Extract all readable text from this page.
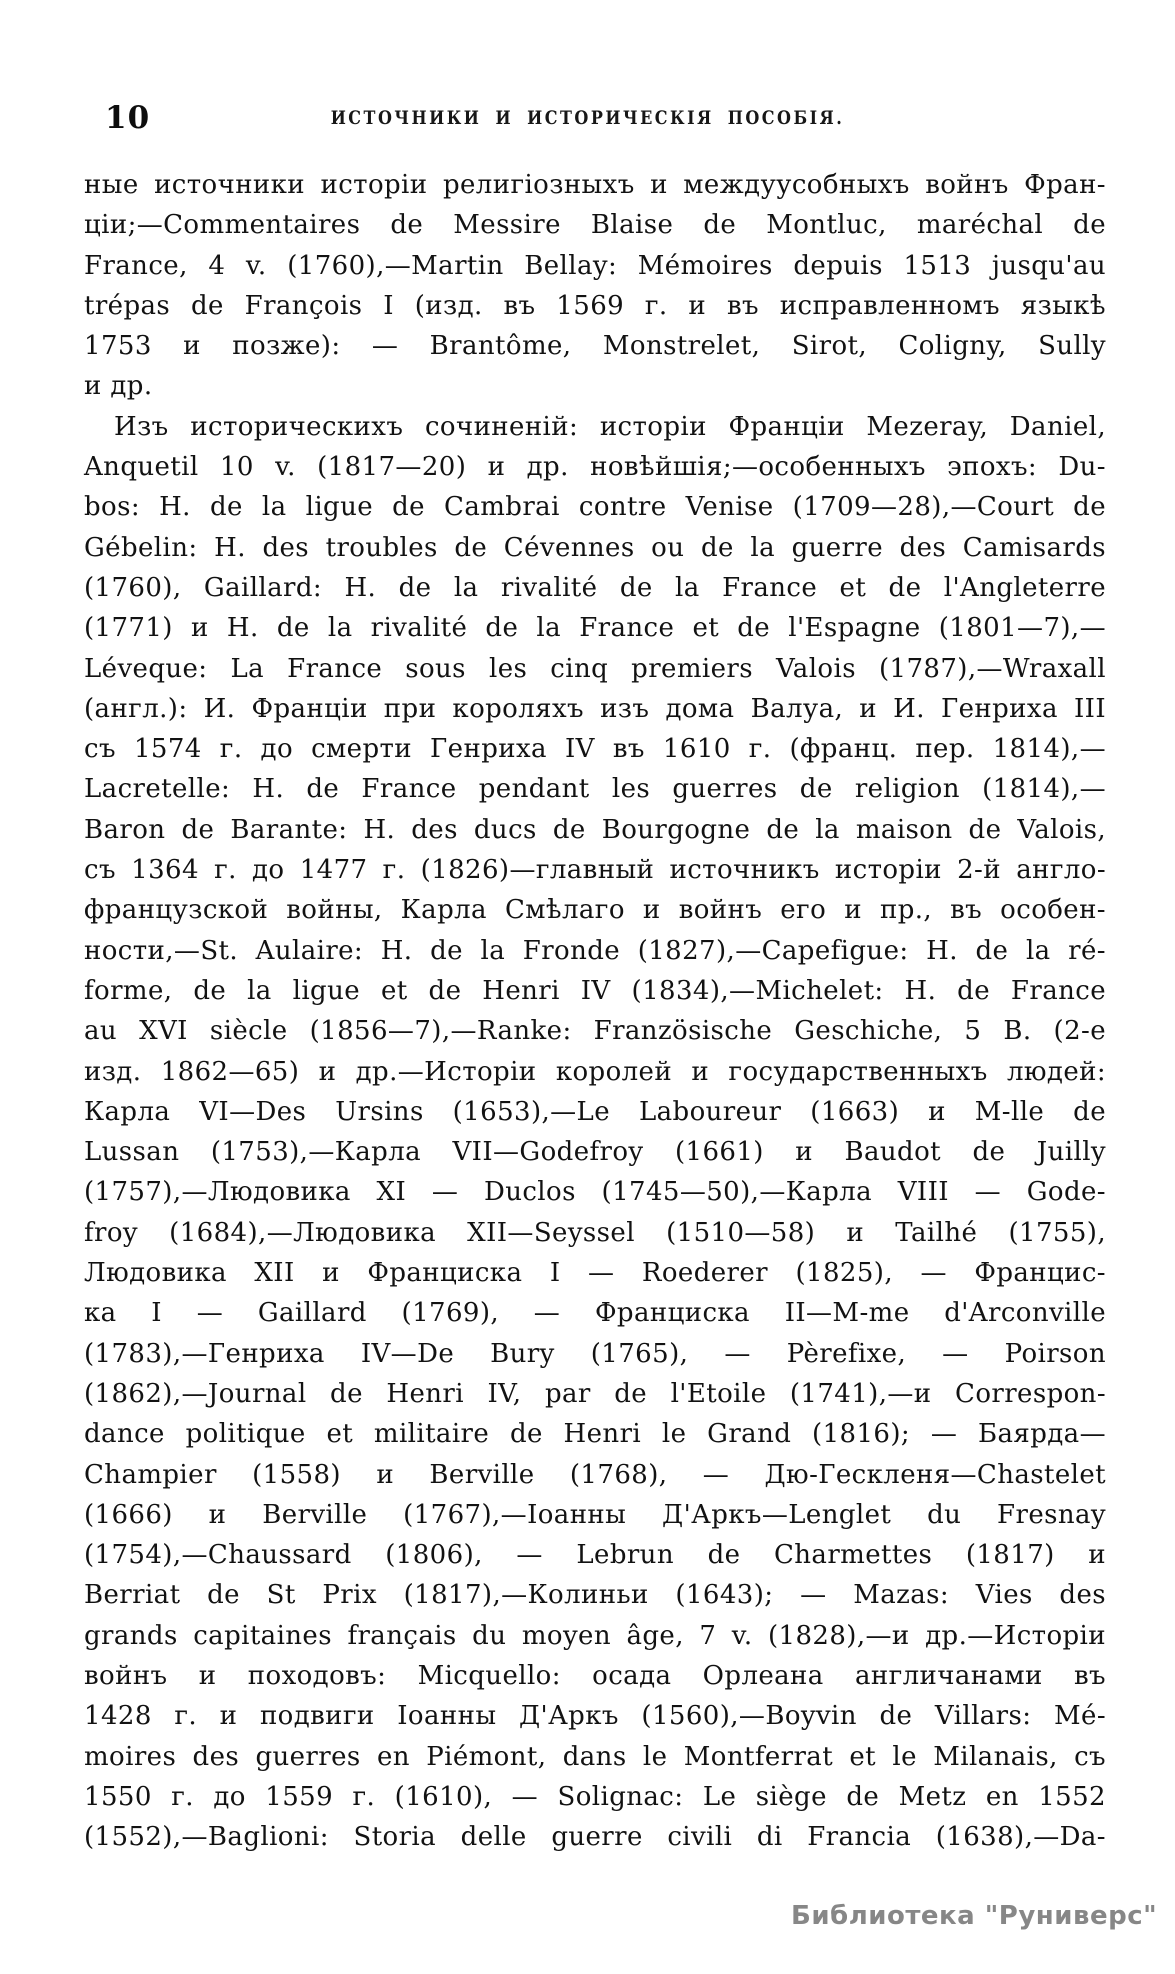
10	ИСТОЧНИКИ И ИСТОРИЧЕСКІЯ ПОСОБІЯ.
ные источники исторіи религіозныхъ и междуусобныхъ войнъ Фран-
ціи;—Commentaires de Messire Blaise de Montluc, maréchal de
France, 4 v. (1760),—Martin Bellay: Mémoires depuis 1513 jusqu'au
trépas de François I (изд. въ 1569 г. и въ исправленномъ языкѣ
1753 и позже): — Brantôme, Monstrelet, Sirot, Coligny, Sully
и др.
Изъ историческихъ сочиненій: исторіи Франціи Mezeray, Daniel,
Anquetil 10 v. (1817—20) и др. новѣйшія;—особенныхъ эпохъ: Du-
bos: H. de la ligue de Cambrai contre Venise (1709—28),—Court de
Gébelin: H. des troubles de Cévennes ou de la guerre des Camisards
(1760), Gaillard: H. de la rivalité de la France et de l'Angleterre
(1771) и H. de la rivalité de la France et de l'Espagne (1801—7),—
Léveque: La France sous les cinq premiers Valois (1787),—Wraxall
(англ.): И. Франціи при короляхъ изъ дома Валуа, и И. Генриха III
съ 1574 г. до смерти Генриха IV въ 1610 г. (франц. пер. 1814),—
Lacretelle: H. de France pendant les guerres de religion (1814),—
Baron de Barante: H. des ducs de Bourgogne de la maison de Valois,
съ 1364 г. до 1477 г. (1826)—главный источникъ исторіи 2-й англо-
французской войны, Карла Смѣлаго и войнъ его и пр., въ особен-
ности,—St. Aulaire: H. de la Fronde (1827),—Capefigue: H. de la ré-
forme, de la ligue et de Henri IV (1834),—Michelet: H. de France
au XVI siècle (1856—7),—Ranke: Französische Geschiche, 5 B. (2-e
изд. 1862—65) и др.—Исторіи королей и государственныхъ людей:
Карла VI—Des Ursins (1653),—Le Laboureur (1663) и M-lle de
Lussan (1753),—Карла VII—Godefroy (1661) и Baudot de Juilly
(1757),—Людовика XI — Duclos (1745—50),—Карла VIII — Gode-
froy (1684),—Людовика XII—Seyssel (1510—58) и Tailhé (1755),
Людовика XII и Франциска I — Roederer (1825), — Францис-
ка I — Gaillard (1769), — Франциска II—M-me d'Arconville
(1783),—Генриха IV—De Bury (1765), — Pèrefixe, — Poirson
(1862),—Journal de Henri IV, par de l'Etoile (1741),—и Correspon-
dance politique et militaire de Henri le Grand (1816); — Баярда—
Champier (1558) и Berville (1768), — Дю-Гескленя—Chastelet
(1666) и Berville (1767),—Іоанны Д'Аркъ—Lenglet du Fresnay
(1754),—Chaussard (1806), — Lebrun de Charmettes (1817) и
Berriat de St Prix (1817),—Колиньи (1643); — Mazas: Vies des
grands capitaines français du moyen âge, 7 v. (1828),—и др.—Исторіи
войнъ и походовъ: Micquello: осада Орлеана англичанами въ
1428 г. и подвиги Іоанны Д'Аркъ (1560),—Boyvin de Villars: Mé-
moires des guerres en Piémont, dans le Montferrat et le Milanais, съ
1550 г. до 1559 г. (1610), — Solignac: Le siège de Metz en 1552
(1552),—Baglioni: Storia delle guerre civili di Francia (1638),—Da-
Библиотека "Руниверс"
